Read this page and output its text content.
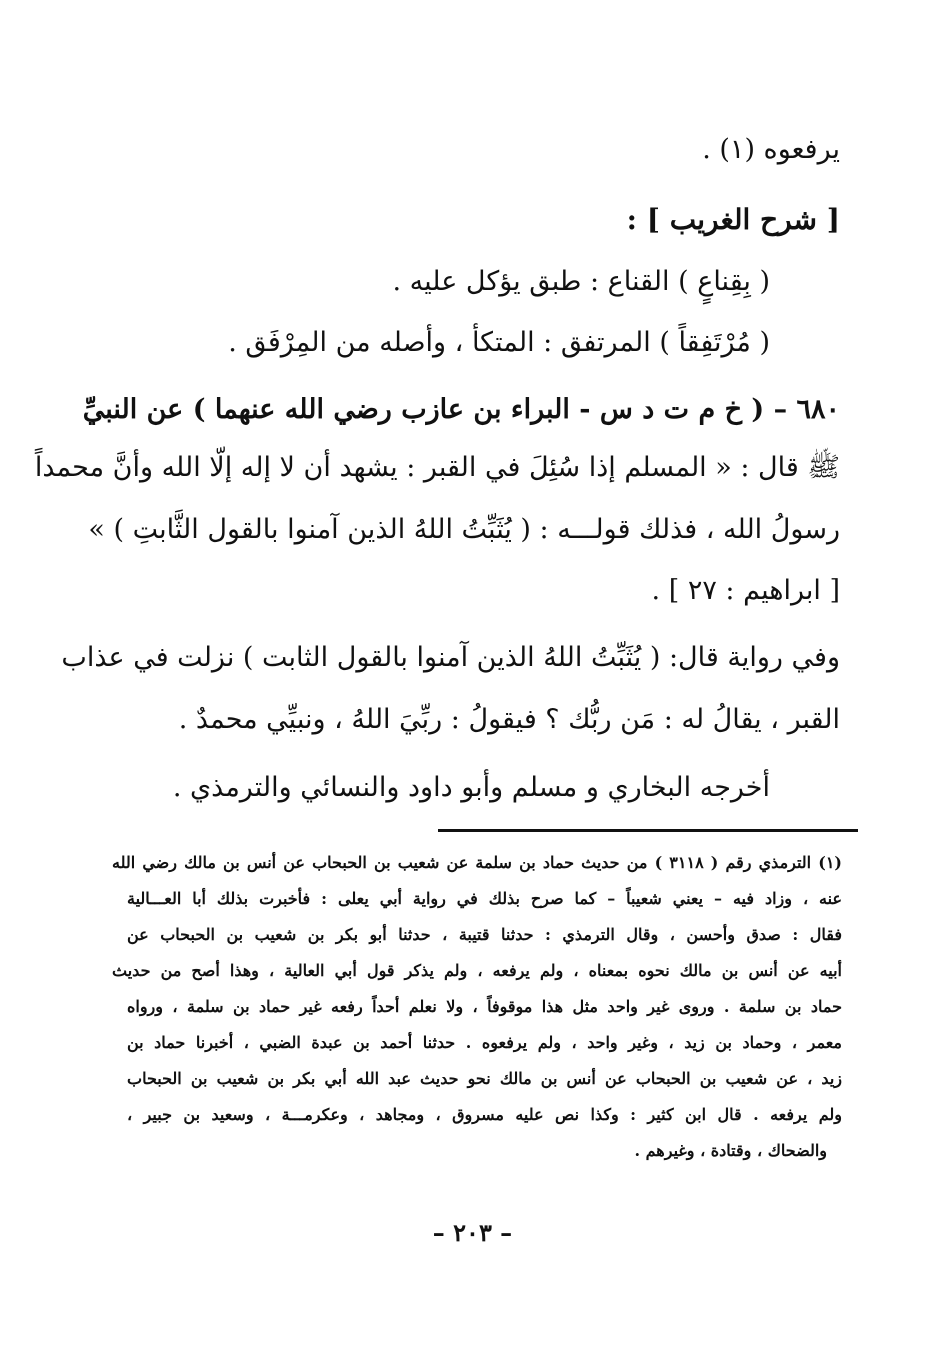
يرفعوه‬ (١) .
[ شرح الغريب ] :
( بِقِناعٍ ) القناع : طبق يؤكل عليه .
( مُرْتَفِقاً ) المرتفق : المتكأ ، وأصله من المِرْفَق .
٦٨٠ – ( خ م ت د س - البراء بن عازب رضي الله عنهما ) عن النبيِّ
ﷺ قال : « المسلم إذا سُئِلَ في القبر : يشهد أن لا إله إلّا الله وأنَّ محمداً
رسولُ الله ، فذلك قولـــه : ( يُثَبِّتُ اللهُ الذين آمنوا بالقول الثَّابتِ ) »
[ ابراهيم : ٢٧ ] .
وفي رواية قال: ( يُثَبِّتُ اللهُ الذين آمنوا بالقول الثابت ) نزلت في عذاب
القبر ، يقالُ له : مَن ربُّك ؟ فيقولُ : ربِّيَ اللهُ ، ونبيِّي محمدٌ .
أخرجه البخاري و مسلم وأبو داود والنسائي والترمذي .
(١) الترمذي رقم ( ٣١١٨ ) من حديث حماد بن سلمة عن شعيب بن الحبحاب عن أنس بن مالك رضي الله
عنه ، وزاد فيه – يعني شعيباً – كما صرح بذلك في رواية أبي يعلى : فأخبرت بذلك أبا العـــالية
فقال : صدق وأحسن ، وقال الترمذي : حدثنا قتيبة ، حدثنا أبو بكر بن شعيب بن الحبحاب عن
أبيه عن أنس بن مالك نحوه بمعناه ، ولم يرفعه ، ولم يذكر قول أبي العالية ، وهذا أصح من حديث
حماد بن سلمة . وروى غير واحد مثل هذا موقوفاً ، ولا نعلم أحداً رفعه غير حماد بن سلمة ، ورواه
معمر ، وحماد بن زيد ، وغير واحد ، ولم يرفعوه . حدثنا أحمد بن عبدة الضبي ، أخبرنا حماد بن
زيد ، عن شعيب بن الحبحاب عن أنس بن مالك نحو حديث عبد الله أبي بكر بن شعيب بن الحبحاب
ولم يرفعه . قال ابن كثير : وكذا نص عليه مسروق ، ومجاهد ، وعكرمـــة ، وسعيد بن جبير ،
والضحاك ، وقتادة ، وغيرهم .
– ٢٠٣ –
